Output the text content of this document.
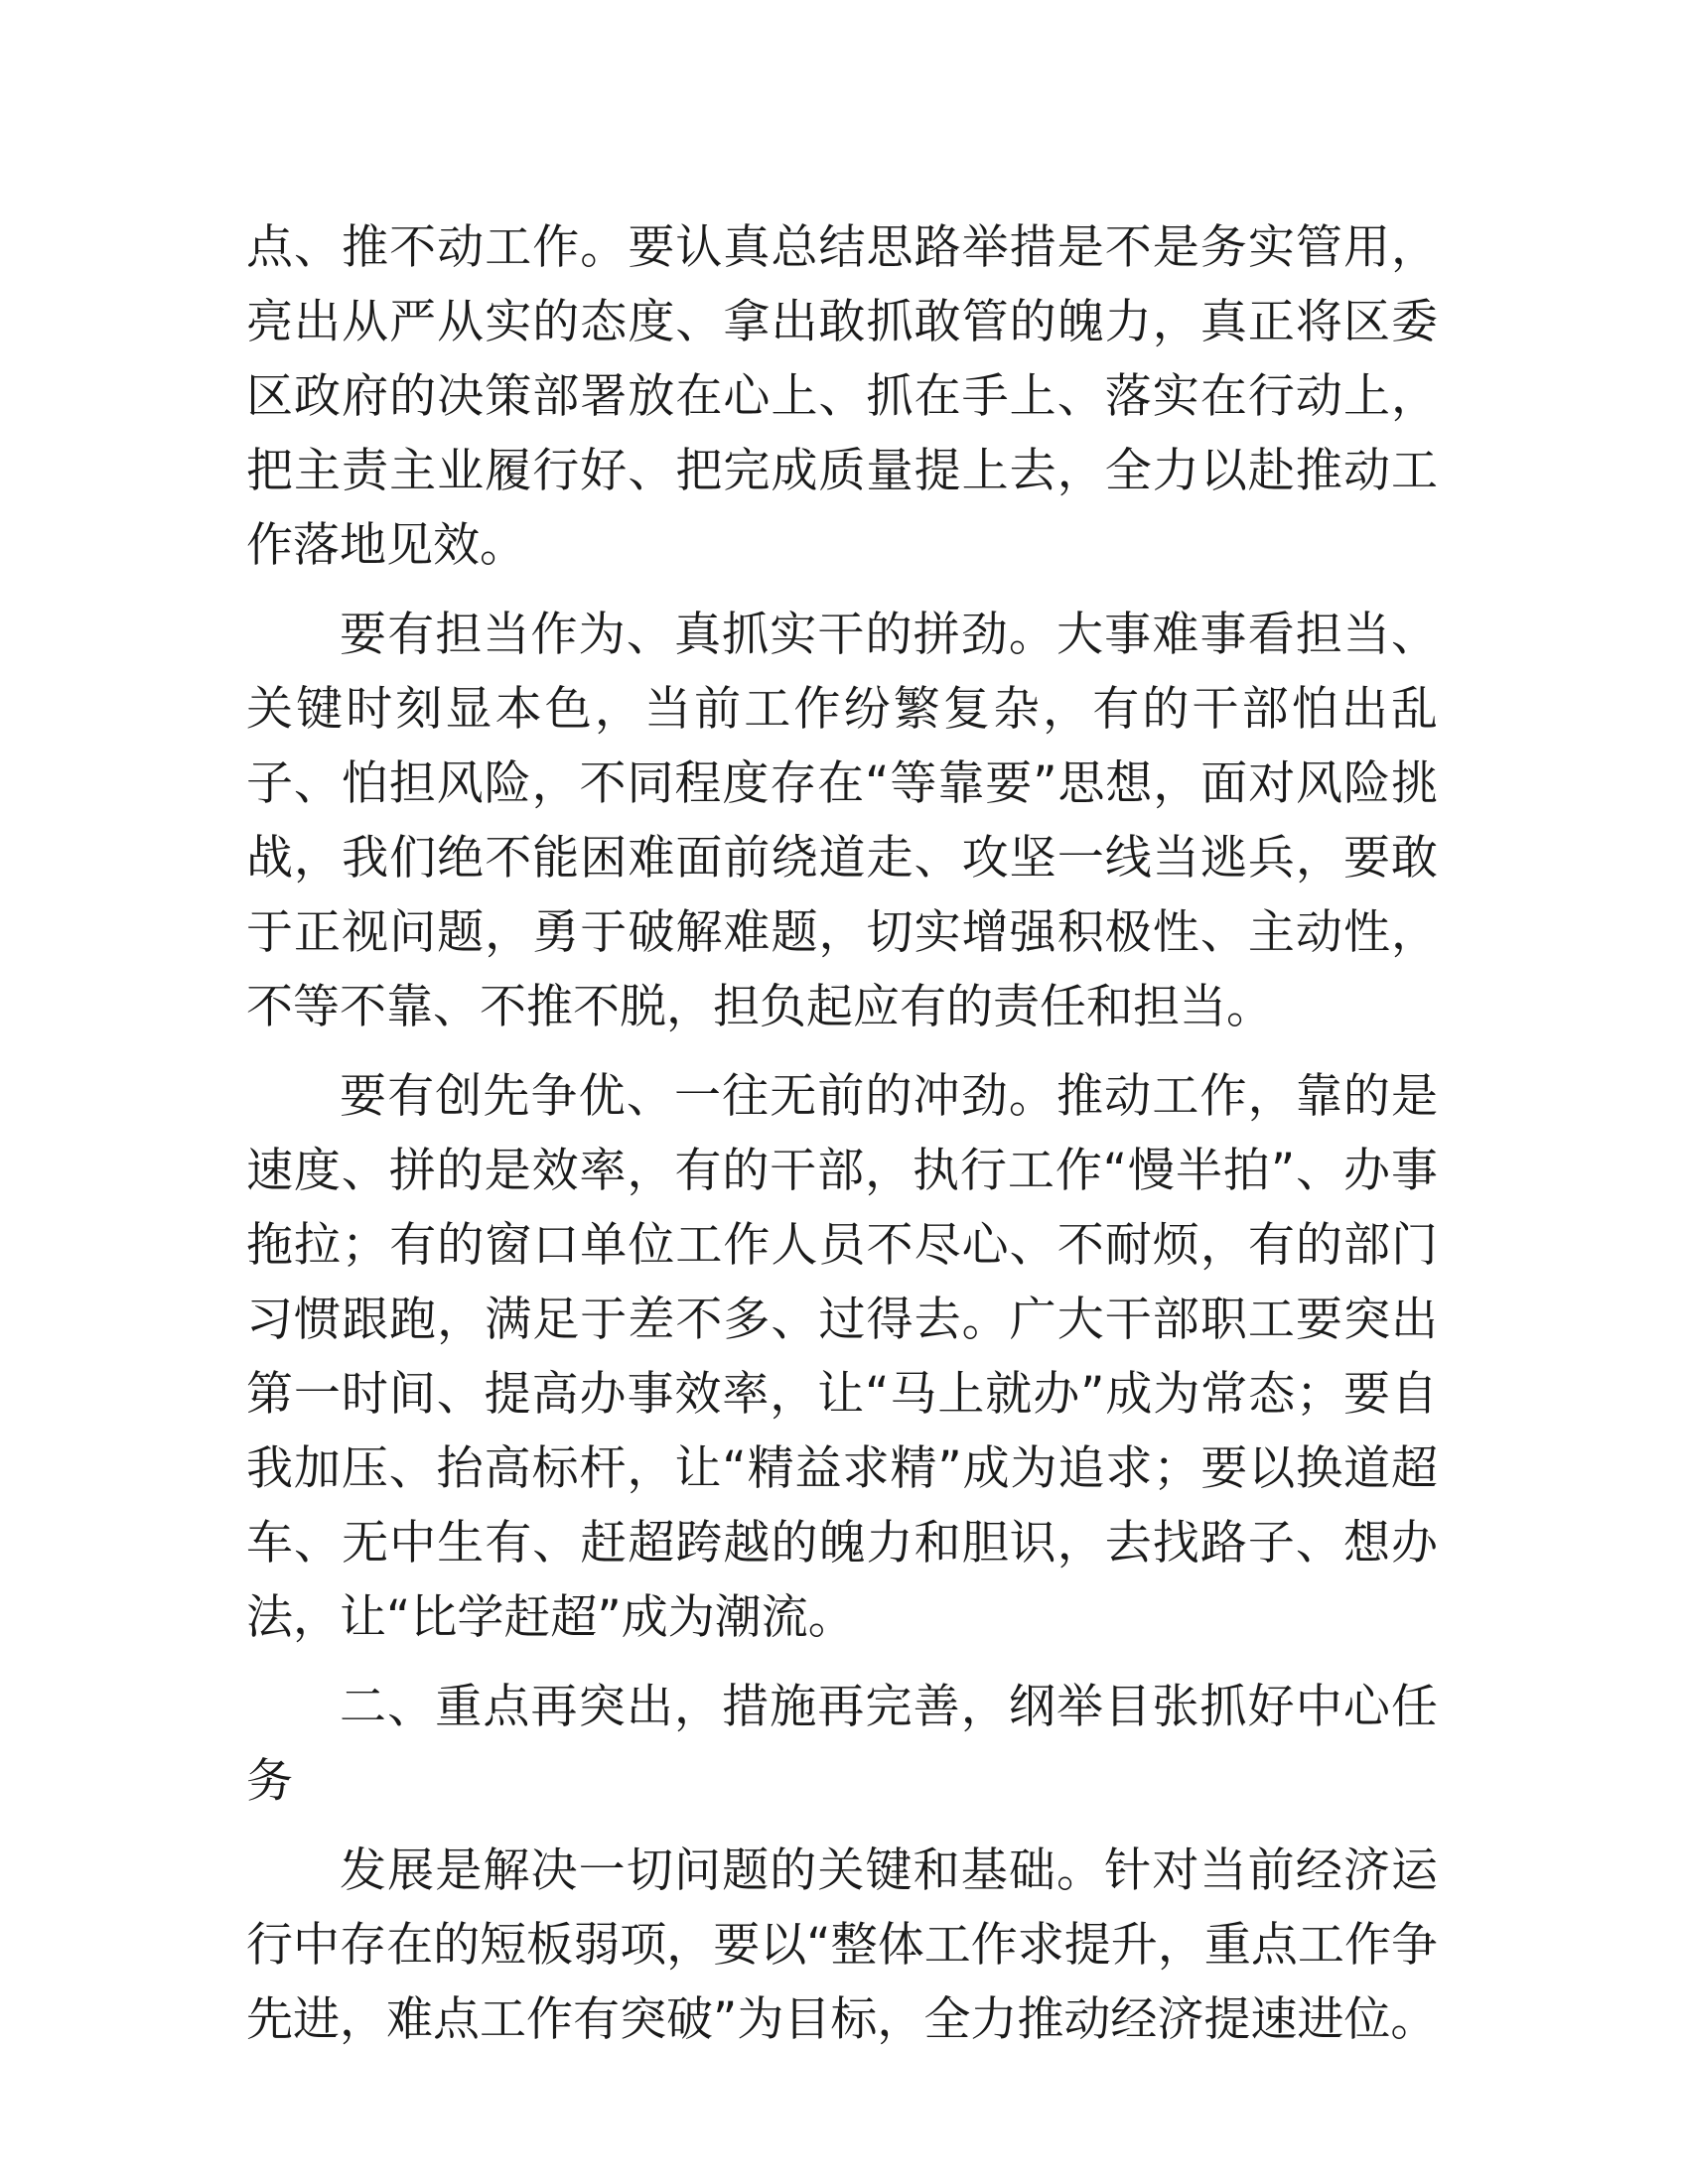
点、推不动工作。要认真总结思路举措是不是务实管用，亮出从严从实的态度、拿出敢抓敢管的魄力，真正将区委区政府的决策部署放在心上、抓在手上、落实在行动上，把主责主业履行好、把完成质量提上去，全力以赴推动工作落地见效。

要有担当作为、真抓实干的拼劲。大事难事看担当、关键时刻显本色，当前工作纷繁复杂，有的干部怕出乱子、怕担风险，不同程度存在“等靠要”思想，面对风险挑战，我们绝不能困难面前绕道走、攻坚一线当逃兵，要敢于正视问题，勇于破解难题，切实增强积极性、主动性，不等不靠、不推不脱，担负起应有的责任和担当。

要有创先争优、一往无前的冲劲。推动工作，靠的是速度、拼的是效率，有的干部，执行工作“慢半拍”、办事拖拉；有的窗口单位工作人员不尽心、不耐烦，有的部门习惯跟跑，满足于差不多、过得去。广大干部职工要突出第一时间、提高办事效率，让“马上就办”成为常态；要自我加压、抬高标杆，让“精益求精”成为追求；要以换道超车、无中生有、赶超跨越的魄力和胆识，去找路子、想办法，让“比学赶超”成为潮流。

二、重点再突出，措施再完善，纲举目张抓好中心任务

发展是解决一切问题的关键和基础。针对当前经济运行中存在的短板弱项，要以“整体工作求提升，重点工作争先进，难点工作有突破”为目标，全力推动经济提速进位。
